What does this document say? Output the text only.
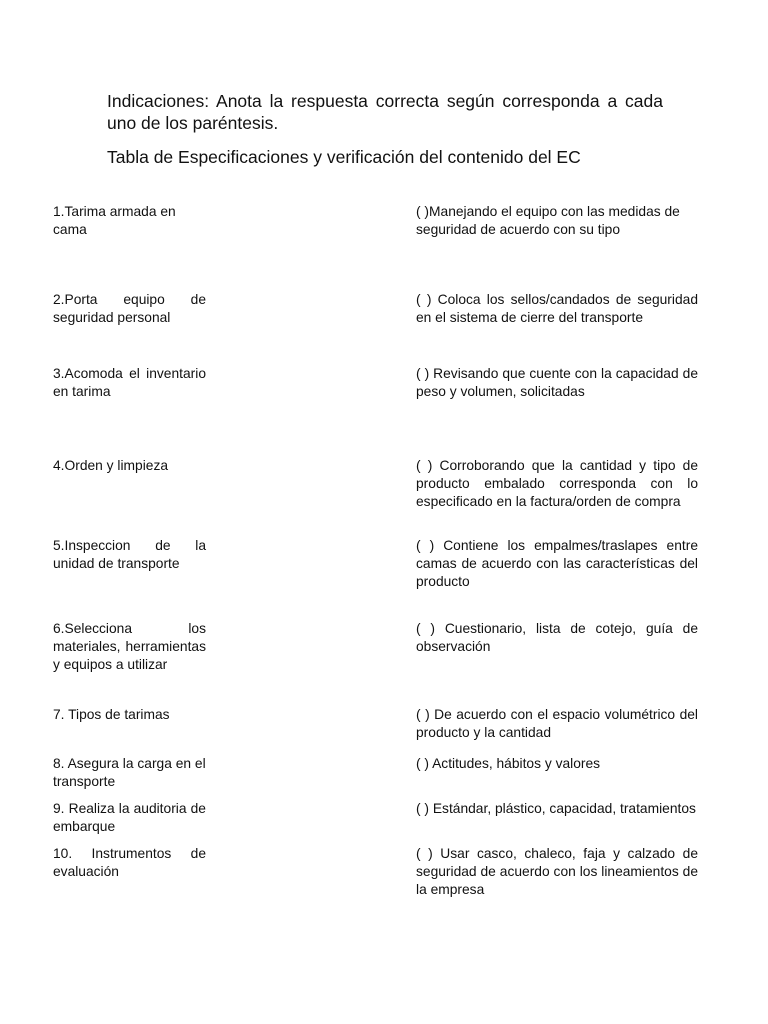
Indicaciones: Anota la respuesta correcta según corresponda a cada uno de los paréntesis.

Tabla de Especificaciones y verificación del contenido del EC

1.Tarima armada en cama

2.Porta equipo de seguridad personal

3.Acomoda el inventario en tarima

4.Orden y limpieza

5.Inspeccion de la unidad de transporte

6.Selecciona los materiales, herramientas y equipos a utilizar

7. Tipos de tarimas

8. Asegura la carga en el transporte

9. Realiza la auditoria de embarque

10. Instrumentos de evaluación

( )Manejando el equipo con las medidas de seguridad de acuerdo con su tipo

( ) Coloca los sellos/candados de seguridad en el sistema de cierre del transporte

( ) Revisando que cuente con la capacidad de peso y volumen, solicitadas

( ) Corroborando que la cantidad y tipo de producto embalado corresponda con lo especificado en la factura/orden de compra

( ) Contiene los empalmes/traslapes entre camas de acuerdo con las características del producto

( ) Cuestionario, lista de cotejo, guía de observación

( ) De acuerdo con el espacio volumétrico del producto y la cantidad

( ) Actitudes, hábitos y valores

( ) Estándar, plástico, capacidad, tratamientos

( ) Usar casco, chaleco, faja y calzado de seguridad de acuerdo con los lineamientos de la empresa
